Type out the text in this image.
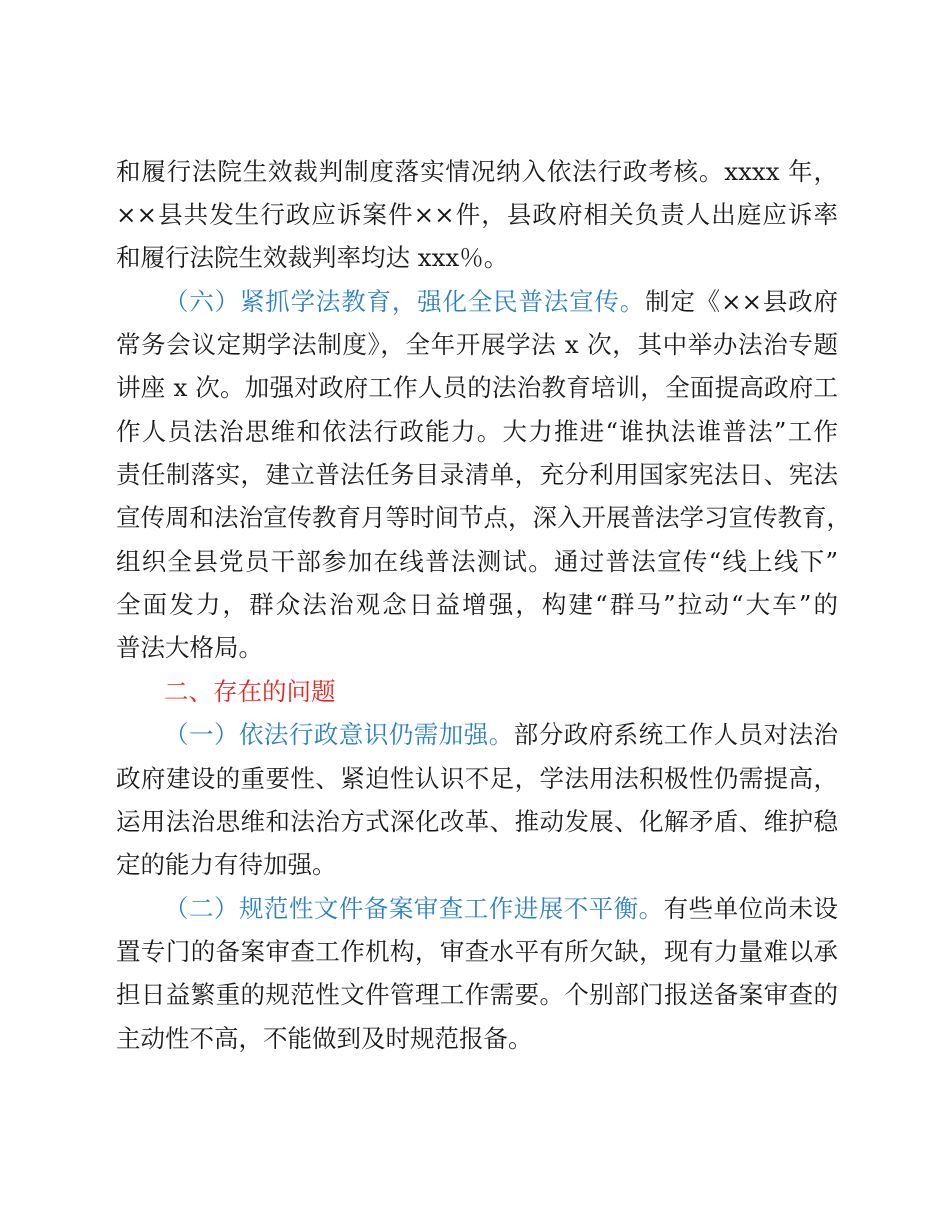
和履行法院生效裁判制度落实情况纳入依法行政考核。xxxx 年，
××县共发生行政应诉案件××件，县政府相关负责人出庭应诉率
和履行法院生效裁判率均达 xxx％。
（六）紧抓学法教育，强化全民普法宣传。制定《××县政府
常务会议定期学法制度》，全年开展学法 x 次，其中举办法治专题
讲座 x 次。加强对政府工作人员的法治教育培训，全面提高政府工
作人员法治思维和依法行政能力。大力推进“谁执法谁普法”工作
责任制落实，建立普法任务目录清单，充分利用国家宪法日、宪法
宣传周和法治宣传教育月等时间节点，深入开展普法学习宣传教育，
组织全县党员干部参加在线普法测试。通过普法宣传“线上线下”
全面发力，群众法治观念日益增强，构建“群马”拉动“大车”的
普法大格局。
二、存在的问题
（一）依法行政意识仍需加强。部分政府系统工作人员对法治
政府建设的重要性、紧迫性认识不足，学法用法积极性仍需提高，
运用法治思维和法治方式深化改革、推动发展、化解矛盾、维护稳
定的能力有待加强。
（二）规范性文件备案审查工作进展不平衡。有些单位尚未设
置专门的备案审查工作机构，审查水平有所欠缺，现有力量难以承
担日益繁重的规范性文件管理工作需要。个别部门报送备案审查的
主动性不高，不能做到及时规范报备。
